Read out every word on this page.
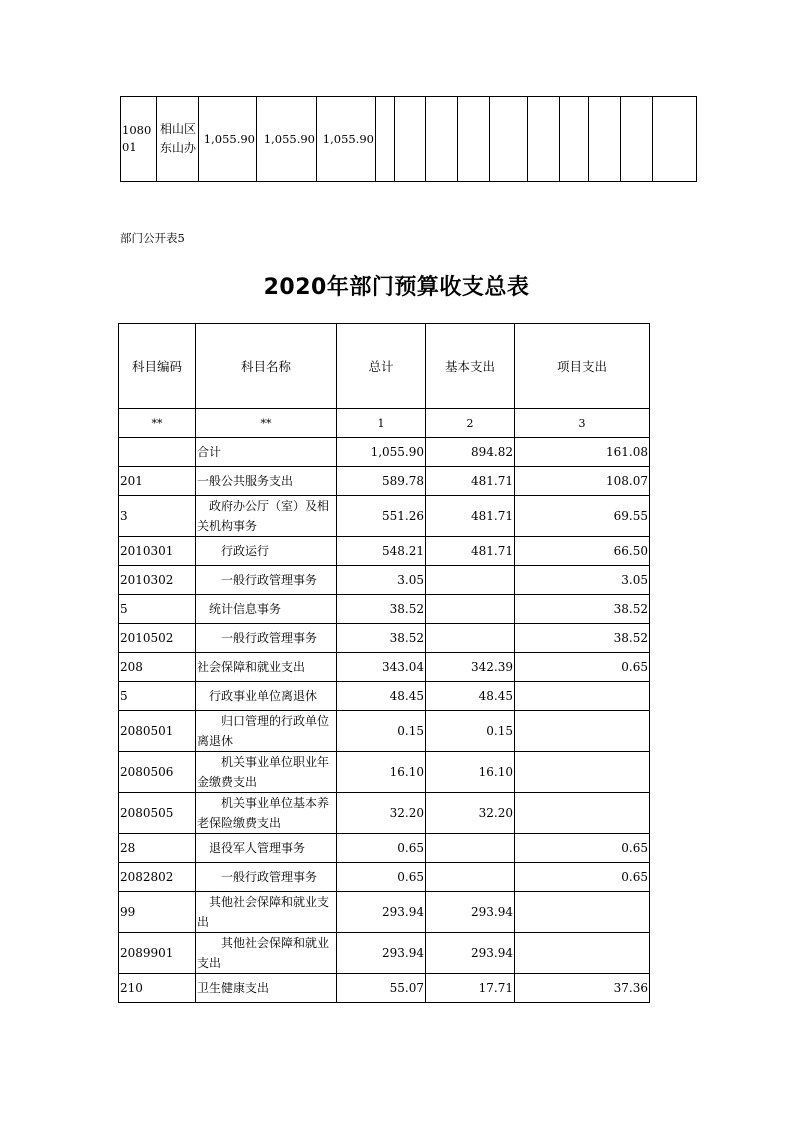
108001	相山区东山办	1,055.90	1,055.90	1,055.90										
部门公开表5
2020年部门预算收支总表
科目编码	科目名称	总计	基本支出	项目支出
**	**	1	2	3
	合计	1,055.90	894.82	161.08
201	一般公共服务支出	589.78	481.71	108.07
3	政府办公厅（室）及相关机构事务	551.26	481.71	69.55
2010301	行政运行	548.21	481.71	66.50
2010302	一般行政管理事务	3.05		3.05
5	统计信息事务	38.52		38.52
2010502	一般行政管理事务	38.52		38.52
208	社会保障和就业支出	343.04	342.39	0.65
5	行政事业单位离退休	48.45	48.45	
2080501	归口管理的行政单位离退休	0.15	0.15	
2080506	机关事业单位职业年金缴费支出	16.10	16.10	
2080505	机关事业单位基本养老保险缴费支出	32.20	32.20	
28	退役军人管理事务	0.65		0.65
2082802	一般行政管理事务	0.65		0.65
99	其他社会保障和就业支出	293.94	293.94	
2089901	其他社会保障和就业支出	293.94	293.94	
210	卫生健康支出	55.07	17.71	37.36
